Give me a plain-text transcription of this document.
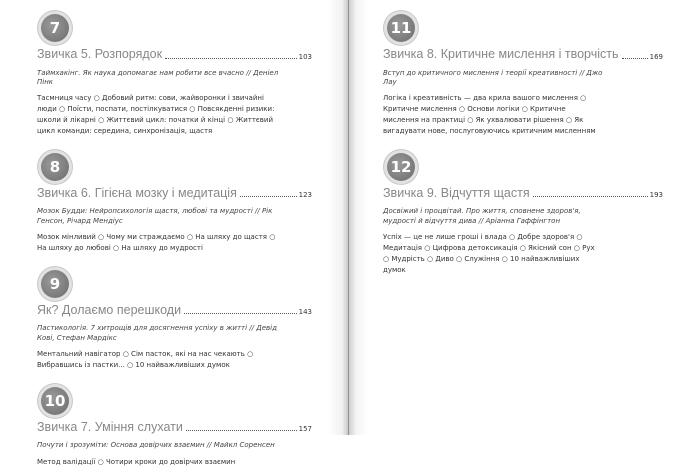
7
Звичка 5. Розпорядок	103
Таймхакінг. Як наука допомагає нам робити все вчасно // Деніел Пінк
Тасмниця часу ○ Добовий ритм: сови, жайворонки і звичайні люди ○ Поїсти, поспати, постілкуватися ○ Повсякденні ризики: школи й лікарні ○ Життєвий цикл: початки й кінці ○ Життєвий цикл команди: середина, синхронізація, щастя
8
Звичка 6. Гігієна мозку і медитація	123
Мозок Будди: Нейропсихологія щастя, любові та мудрості // Рік Генсон, Річард Мендіус
Мозок мінливий ○ Чому ми страждаємо ○ На шляху до щастя ○ На шляху до любові ○ На шляху до мудрості
9
Як? Долаємо перешкоди	143
Пастикологія. 7 хитрощів для досягнення успіху в житті // Девід Кові, Стефан Мардікс
Ментальний навігатор ○ Сім пасток, які на нас чекають ○ Вибравшись із пастки... ○ 10 найважливіших думок
10
Звичка 7. Уміння слухати	157
Почути і зрозуміти: Основа довірчих взаємин // Майкл Соренсен
Метод валідації ○ Чотири кроки до довірчих взаємин
11
Звичка 8. Критичне мислення і творчість	169
Вступ до критичного мислення і теорії креативності // Джо Лау
Логіка і креативність — два крила вашого мислення ○ Критичне мислення ○ Основи логіки ○ Критичне мислення на практиці ○ Як ухвалювати рішення ○ Як вигадувати нове, послуговуючись критичним мисленням
12
Звичка 9. Відчуття щастя	193
Досвіжий і процвітай. Про життя, сповнене здоров'я, мудрості й відчуття дива // Аріанна Гаффінгтон
Успіх — це не лише гроші і влада ○ Добре здоров'я ○ Медитація ○ Цифрова детоксикація ○ Якісний сон ○ Рух ○ Мудрість ○ Диво ○ Служіння ○ 10 найважливіших думок
